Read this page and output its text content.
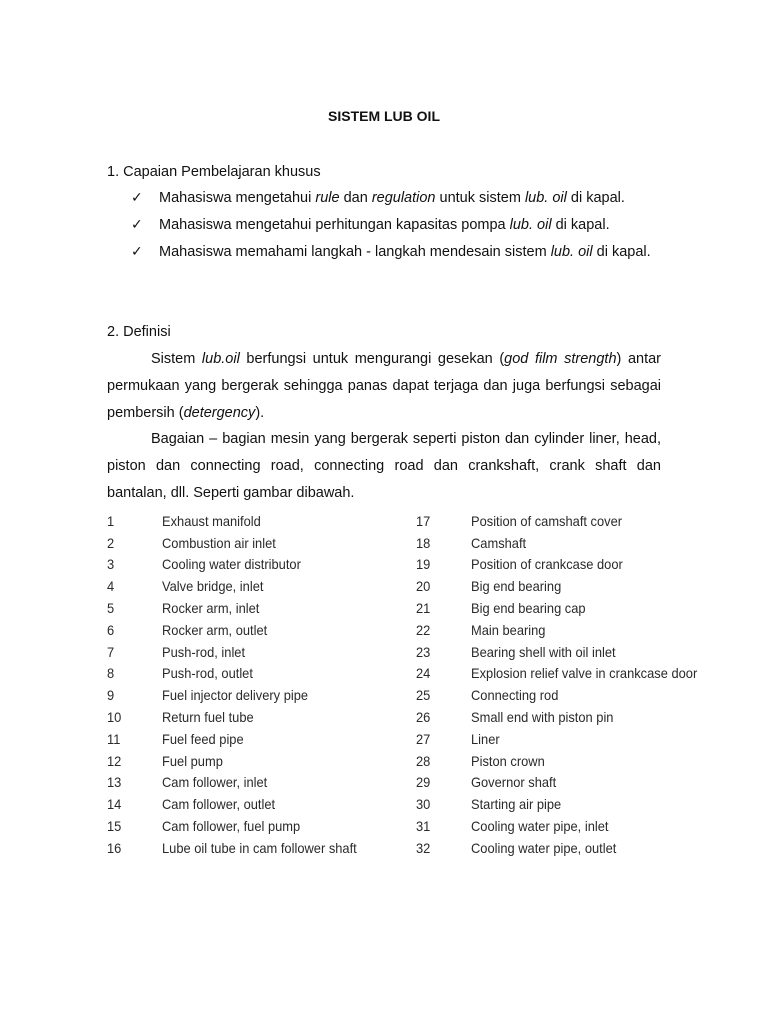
SISTEM LUB OIL
1. Capaian Pembelajaran khusus
✓ Mahasiswa mengetahui rule dan regulation untuk sistem lub. oil di kapal.
✓ Mahasiswa mengetahui perhitungan kapasitas pompa lub. oil di kapal.
✓ Mahasiswa memahami langkah - langkah mendesain sistem lub. oil di kapal.
2. Definisi

Sistem lub.oil berfungsi untuk mengurangi gesekan (god film strength) antar permukaan yang bergerak sehingga panas dapat terjaga dan juga berfungsi sebagai pembersih (detergency).

Bagaian – bagian mesin yang bergerak seperti piston dan cylinder liner, head, piston dan connecting road, connecting road dan crankshaft, crank shaft dan bantalan, dll. Seperti gambar dibawah.

1	Exhaust manifold	17	Position of camshaft cover
2	Combustion air inlet	18	Camshaft
3	Cooling water distributor	19	Position of crankcase door
4	Valve bridge, inlet	20	Big end bearing
5	Rocker arm, inlet	21	Big end bearing cap
6	Rocker arm, outlet	22	Main bearing
7	Push-rod, inlet	23	Bearing shell with oil inlet
8	Push-rod, outlet	24	Explosion relief valve in crankcase door
9	Fuel injector delivery pipe	25	Connecting rod
10	Return fuel tube	26	Small end with piston pin
11	Fuel feed pipe	27	Liner
12	Fuel pump	28	Piston crown
13	Cam follower, inlet	29	Governor shaft
14	Cam follower, outlet	30	Starting air pipe
15	Cam follower, fuel pump	31	Cooling water pipe, inlet
16	Lube oil tube in cam follower shaft	32	Cooling water pipe, outlet
